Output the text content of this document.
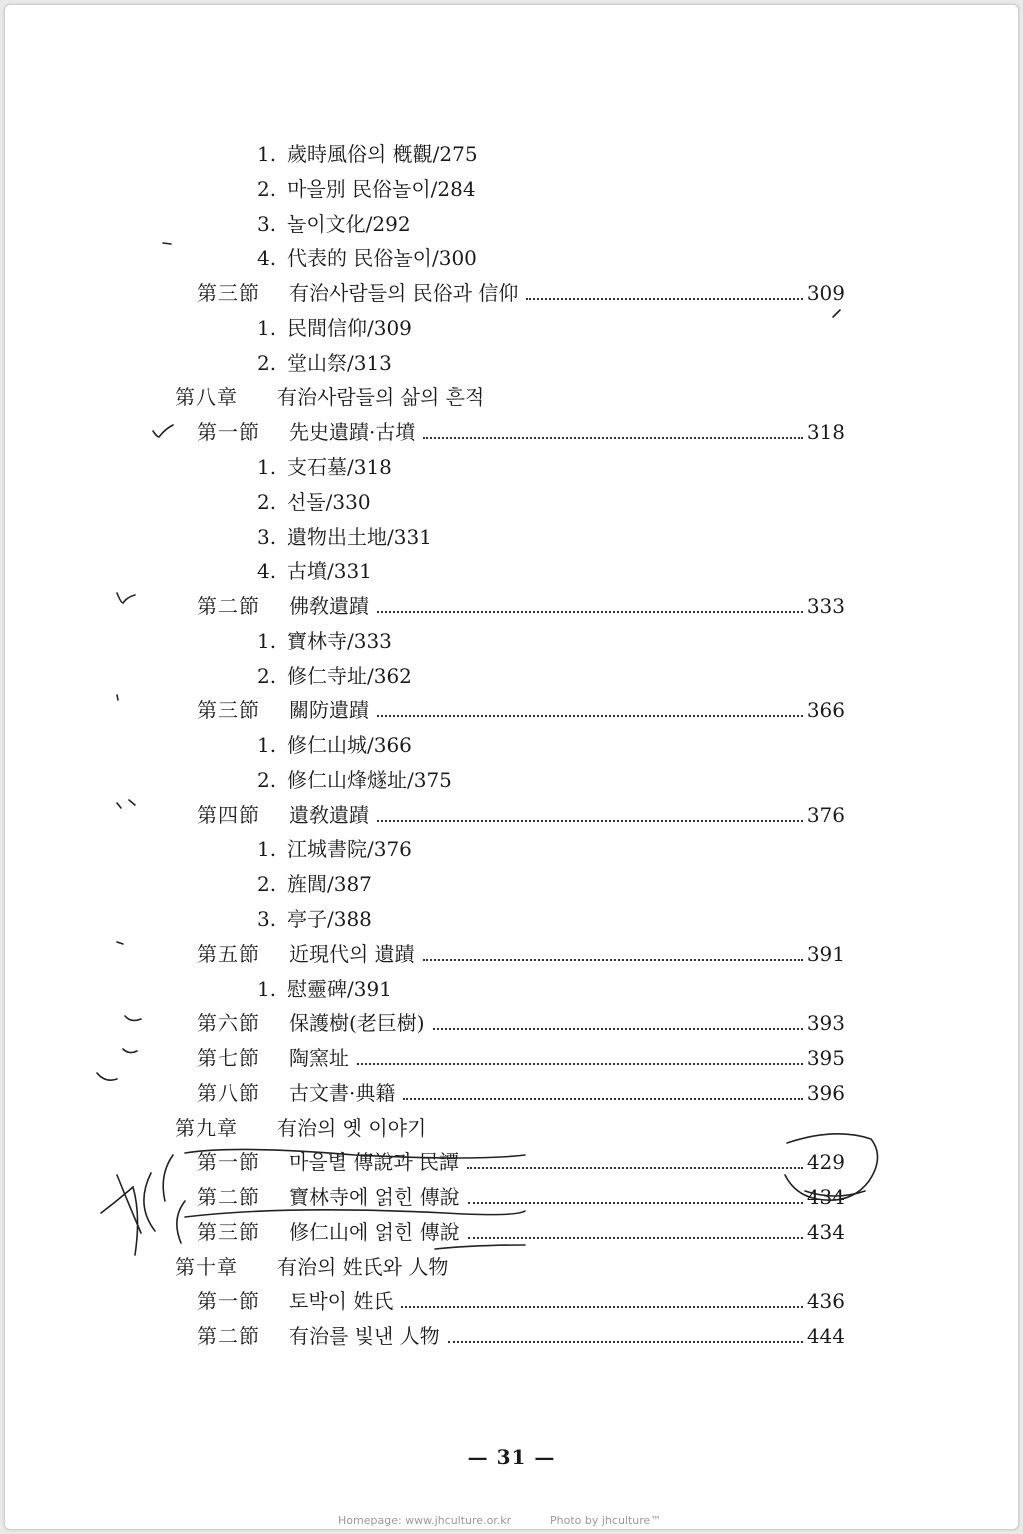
1. 歲時風俗의 槪觀/275
2. 마을別 民俗놀이/284
3. 놀이文化/292
4. 代表的 民俗놀이/300
第三節	有治사람들의 民俗과 信仰	309
1. 民間信仰/309
2. 堂山祭/313
第八章 有治사람들의 삶의 흔적
第一節	先史遺蹟·古墳	318
1. 支石墓/318
2. 선돌/330
3. 遺物出土地/331
4. 古墳/331
第二節	佛敎遺蹟	333
1. 寶林寺/333
2. 修仁寺址/362
第三節	關防遺蹟	366
1. 修仁山城/366
2. 修仁山烽燧址/375
第四節	遺敎遺蹟	376
1. 江城書院/376
2. 旌閭/387
3. 亭子/388
第五節	近現代의 遺蹟	391
1. 慰靈碑/391
第六節	保護樹(老巨樹)	393
第七節	陶窯址	395
第八節	古文書·典籍	396
第九章 有治의 옛 이야기
第一節	마을별 傳說과 民譚	429
第二節	寶林寺에 얽힌 傳說	434
第三節	修仁山에 얽힌 傳說	434
第十章 有治의 姓氏와 人物
第一節	토박이 姓氏	436
第二節	有治를 빛낸 人物	444
— 31 —
Homepage: www.jhculture.or.kr	Photo by jhculture™
